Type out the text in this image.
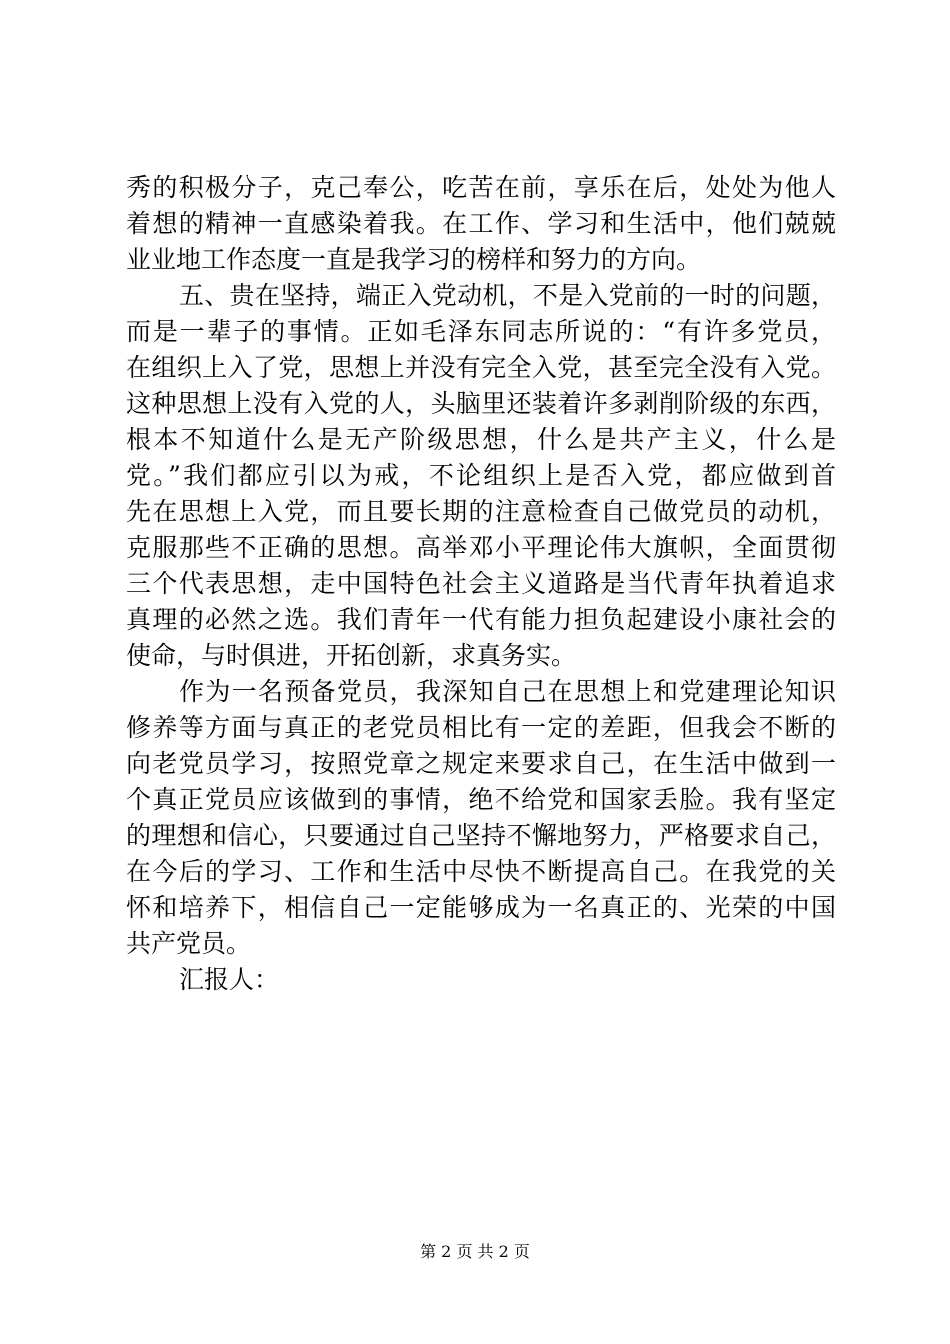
秀的积极分子，克己奉公，吃苦在前，享乐在后，处处为他人
着想的精神一直感染着我。在工作、学习和生活中，他们兢兢
业业地工作态度一直是我学习的榜样和努力的方向。
五、贵在坚持，端正入党动机，不是入党前的一时的问题，
而是一辈子的事情。正如毛泽东同志所说的：“有许多党员，
在组织上入了党，思想上并没有完全入党，甚至完全没有入党。
这种思想上没有入党的人，头脑里还装着许多剥削阶级的东西，
根本不知道什么是无产阶级思想，什么是共产主义，什么是
党。”我们都应引以为戒，不论组织上是否入党，都应做到首
先在思想上入党，而且要长期的注意检查自己做党员的动机，
克服那些不正确的思想。高举邓小平理论伟大旗帜，全面贯彻
三个代表思想，走中国特色社会主义道路是当代青年执着追求
真理的必然之选。我们青年一代有能力担负起建设小康社会的
使命，与时俱进，开拓创新，求真务实。
作为一名预备党员，我深知自己在思想上和党建理论知识
修养等方面与真正的老党员相比有一定的差距，但我会不断的
向老党员学习，按照党章之规定来要求自己，在生活中做到一
个真正党员应该做到的事情，绝不给党和国家丢脸。我有坚定
的理想和信心，只要通过自己坚持不懈地努力，严格要求自己，
在今后的学习、工作和生活中尽快不断提高自己。在我党的关
怀和培养下，相信自己一定能够成为一名真正的、光荣的中国
共产党员。
汇报人：
第 2 页 共 2 页
